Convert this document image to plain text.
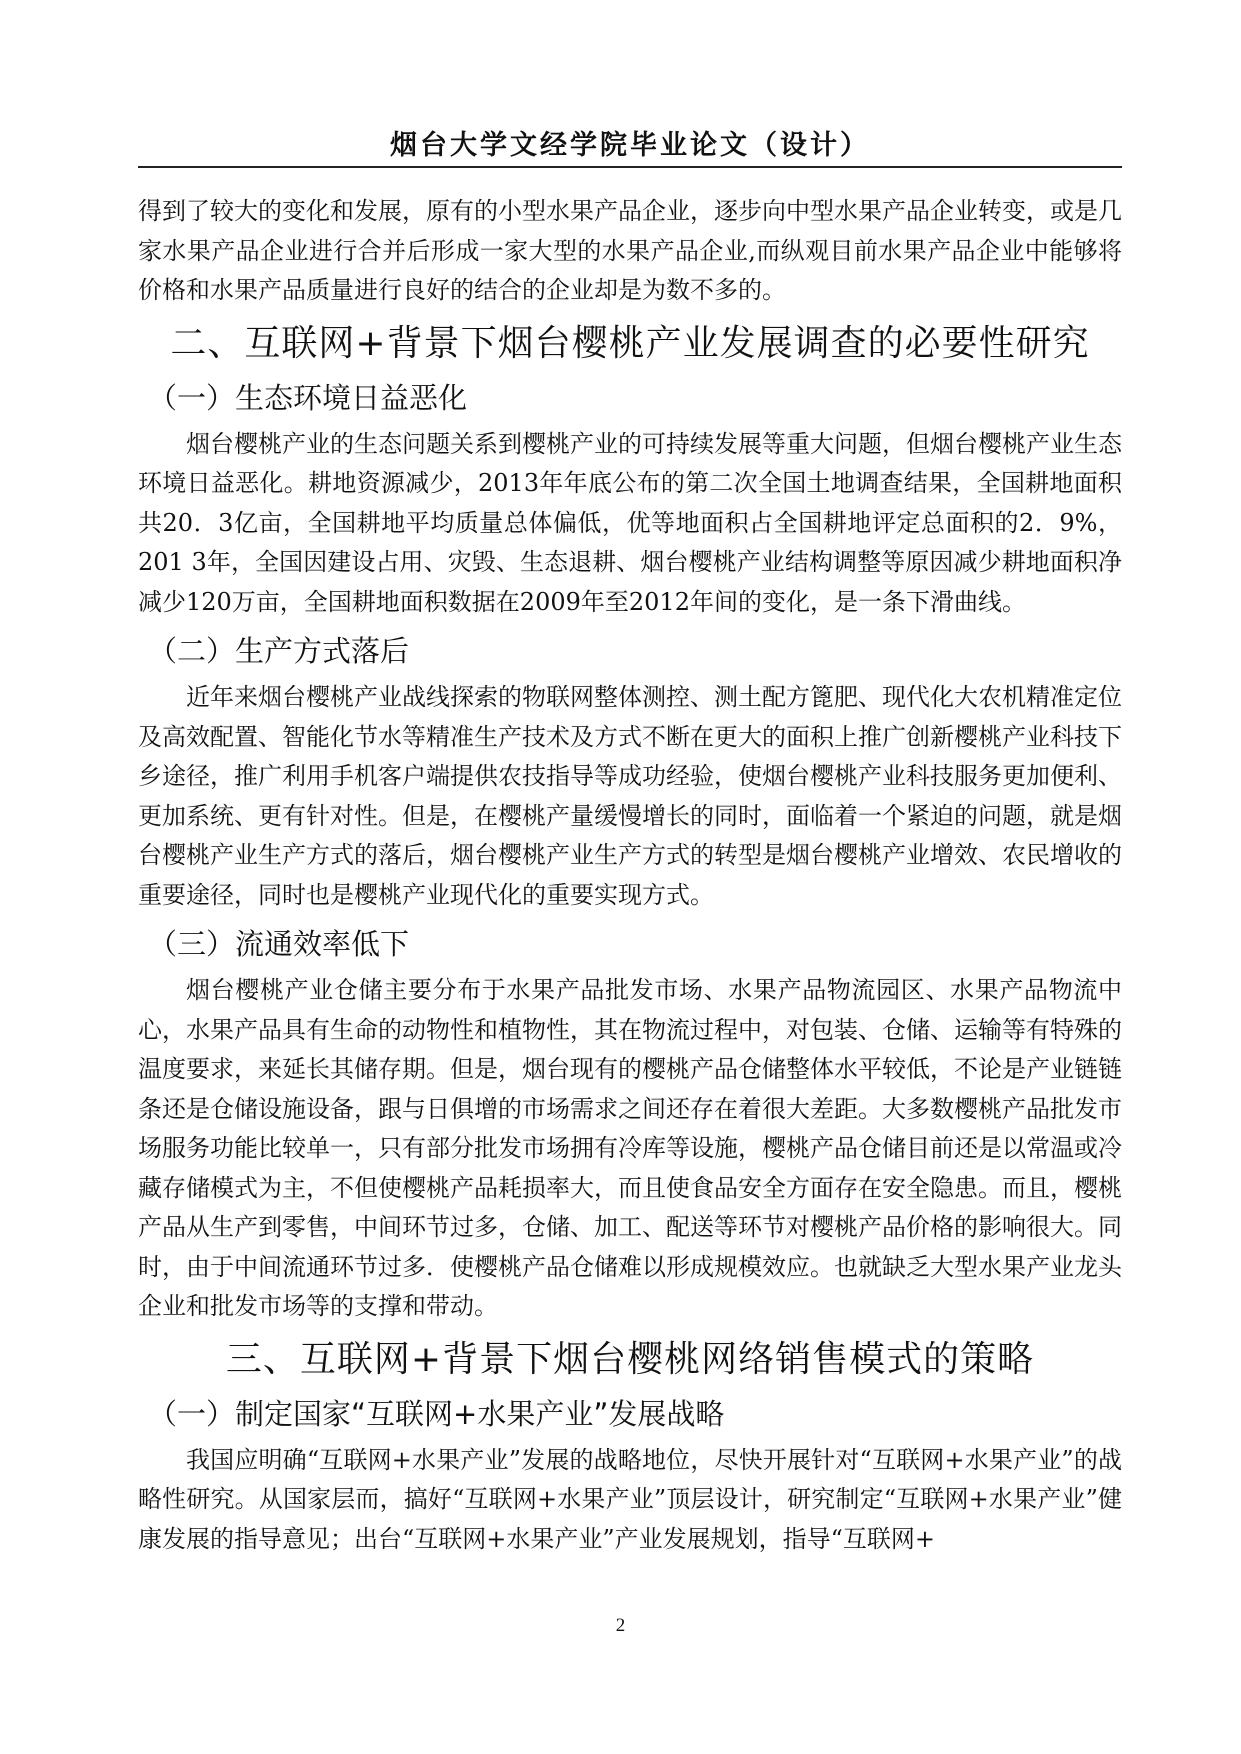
烟台大学文经学院毕业论文（设计）

得到了较大的变化和发展，原有的小型水果产品企业，逐步向中型水果产品企业转变，或是几家水果产品企业进行合并后形成一家大型的水果产品企业,而纵观目前水果产品企业中能够将价格和水果产品质量进行良好的结合的企业却是为数不多的。

二、互联网+背景下烟台樱桃产业发展调查的必要性研究
（一）生态环境日益恶化

烟台樱桃产业的生态问题关系到樱桃产业的可持续发展等重大问题，但烟台樱桃产业生态环境日益恶化。耕地资源减少，2013年年底公布的第二次全国土地调查结果，全国耕地面积共20．3亿亩，全国耕地平均质量总体偏低，优等地面积占全国耕地评定总面积的2．9%，201 3年，全国因建设占用、灾毁、生态退耕、烟台樱桃产业结构调整等原因减少耕地面积净减少120万亩，全国耕地面积数据在2009年至2012年间的变化，是一条下滑曲线。

（二）生产方式落后

近年来烟台樱桃产业战线探索的物联网整体测控、测土配方篦肥、现代化大农机精准定位及高效配置、智能化节水等精准生产技术及方式不断在更大的面积上推广创新樱桃产业科技下乡途径，推广利用手机客户端提供农技指导等成功经验，使烟台樱桃产业科技服务更加便利、更加系统、更有针对性。但是，在樱桃产量缓慢增长的同时，面临着一个紧迫的问题，就是烟台樱桃产业生产方式的落后，烟台樱桃产业生产方式的转型是烟台樱桃产业增效、农民增收的重要途径，同时也是樱桃产业现代化的重要实现方式。

（三）流通效率低下

烟台樱桃产业仓储主要分布于水果产品批发市场、水果产品物流园区、水果产品物流中心，水果产品具有生命的动物性和植物性，其在物流过程中，对包装、仓储、运输等有特殊的温度要求，来延长其储存期。但是，烟台现有的樱桃产品仓储整体水平较低，不论是产业链链条还是仓储设施设备，跟与日俱增的市场需求之间还存在着很大差距。大多数樱桃产品批发市场服务功能比较单一，只有部分批发市场拥有冷库等设施，樱桃产品仓储目前还是以常温或冷藏存储模式为主，不但使樱桃产品耗损率大，而且使食品安全方面存在安全隐患。而且，樱桃产品从生产到零售，中间环节过多，仓储、加工、配送等环节对樱桃产品价格的影响很大。同时，由于中间流通环节过多．使樱桃产品仓储难以形成规模效应。也就缺乏大型水果产业龙头企业和批发市场等的支撑和带动。

三、互联网+背景下烟台樱桃网络销售模式的策略
（一）制定国家“互联网+水果产业”发展战略

我国应明确“互联网+水果产业”发展的战略地位，尽快开展针对“互联网+水果产业”的战略性研究。从国家层而，搞好“互联网+水果产业”顶层设计，研究制定“互联网+水果产业”健康发展的指导意见；出台“互联网+水果产业”产业发展规划，指导“互联网+

2
